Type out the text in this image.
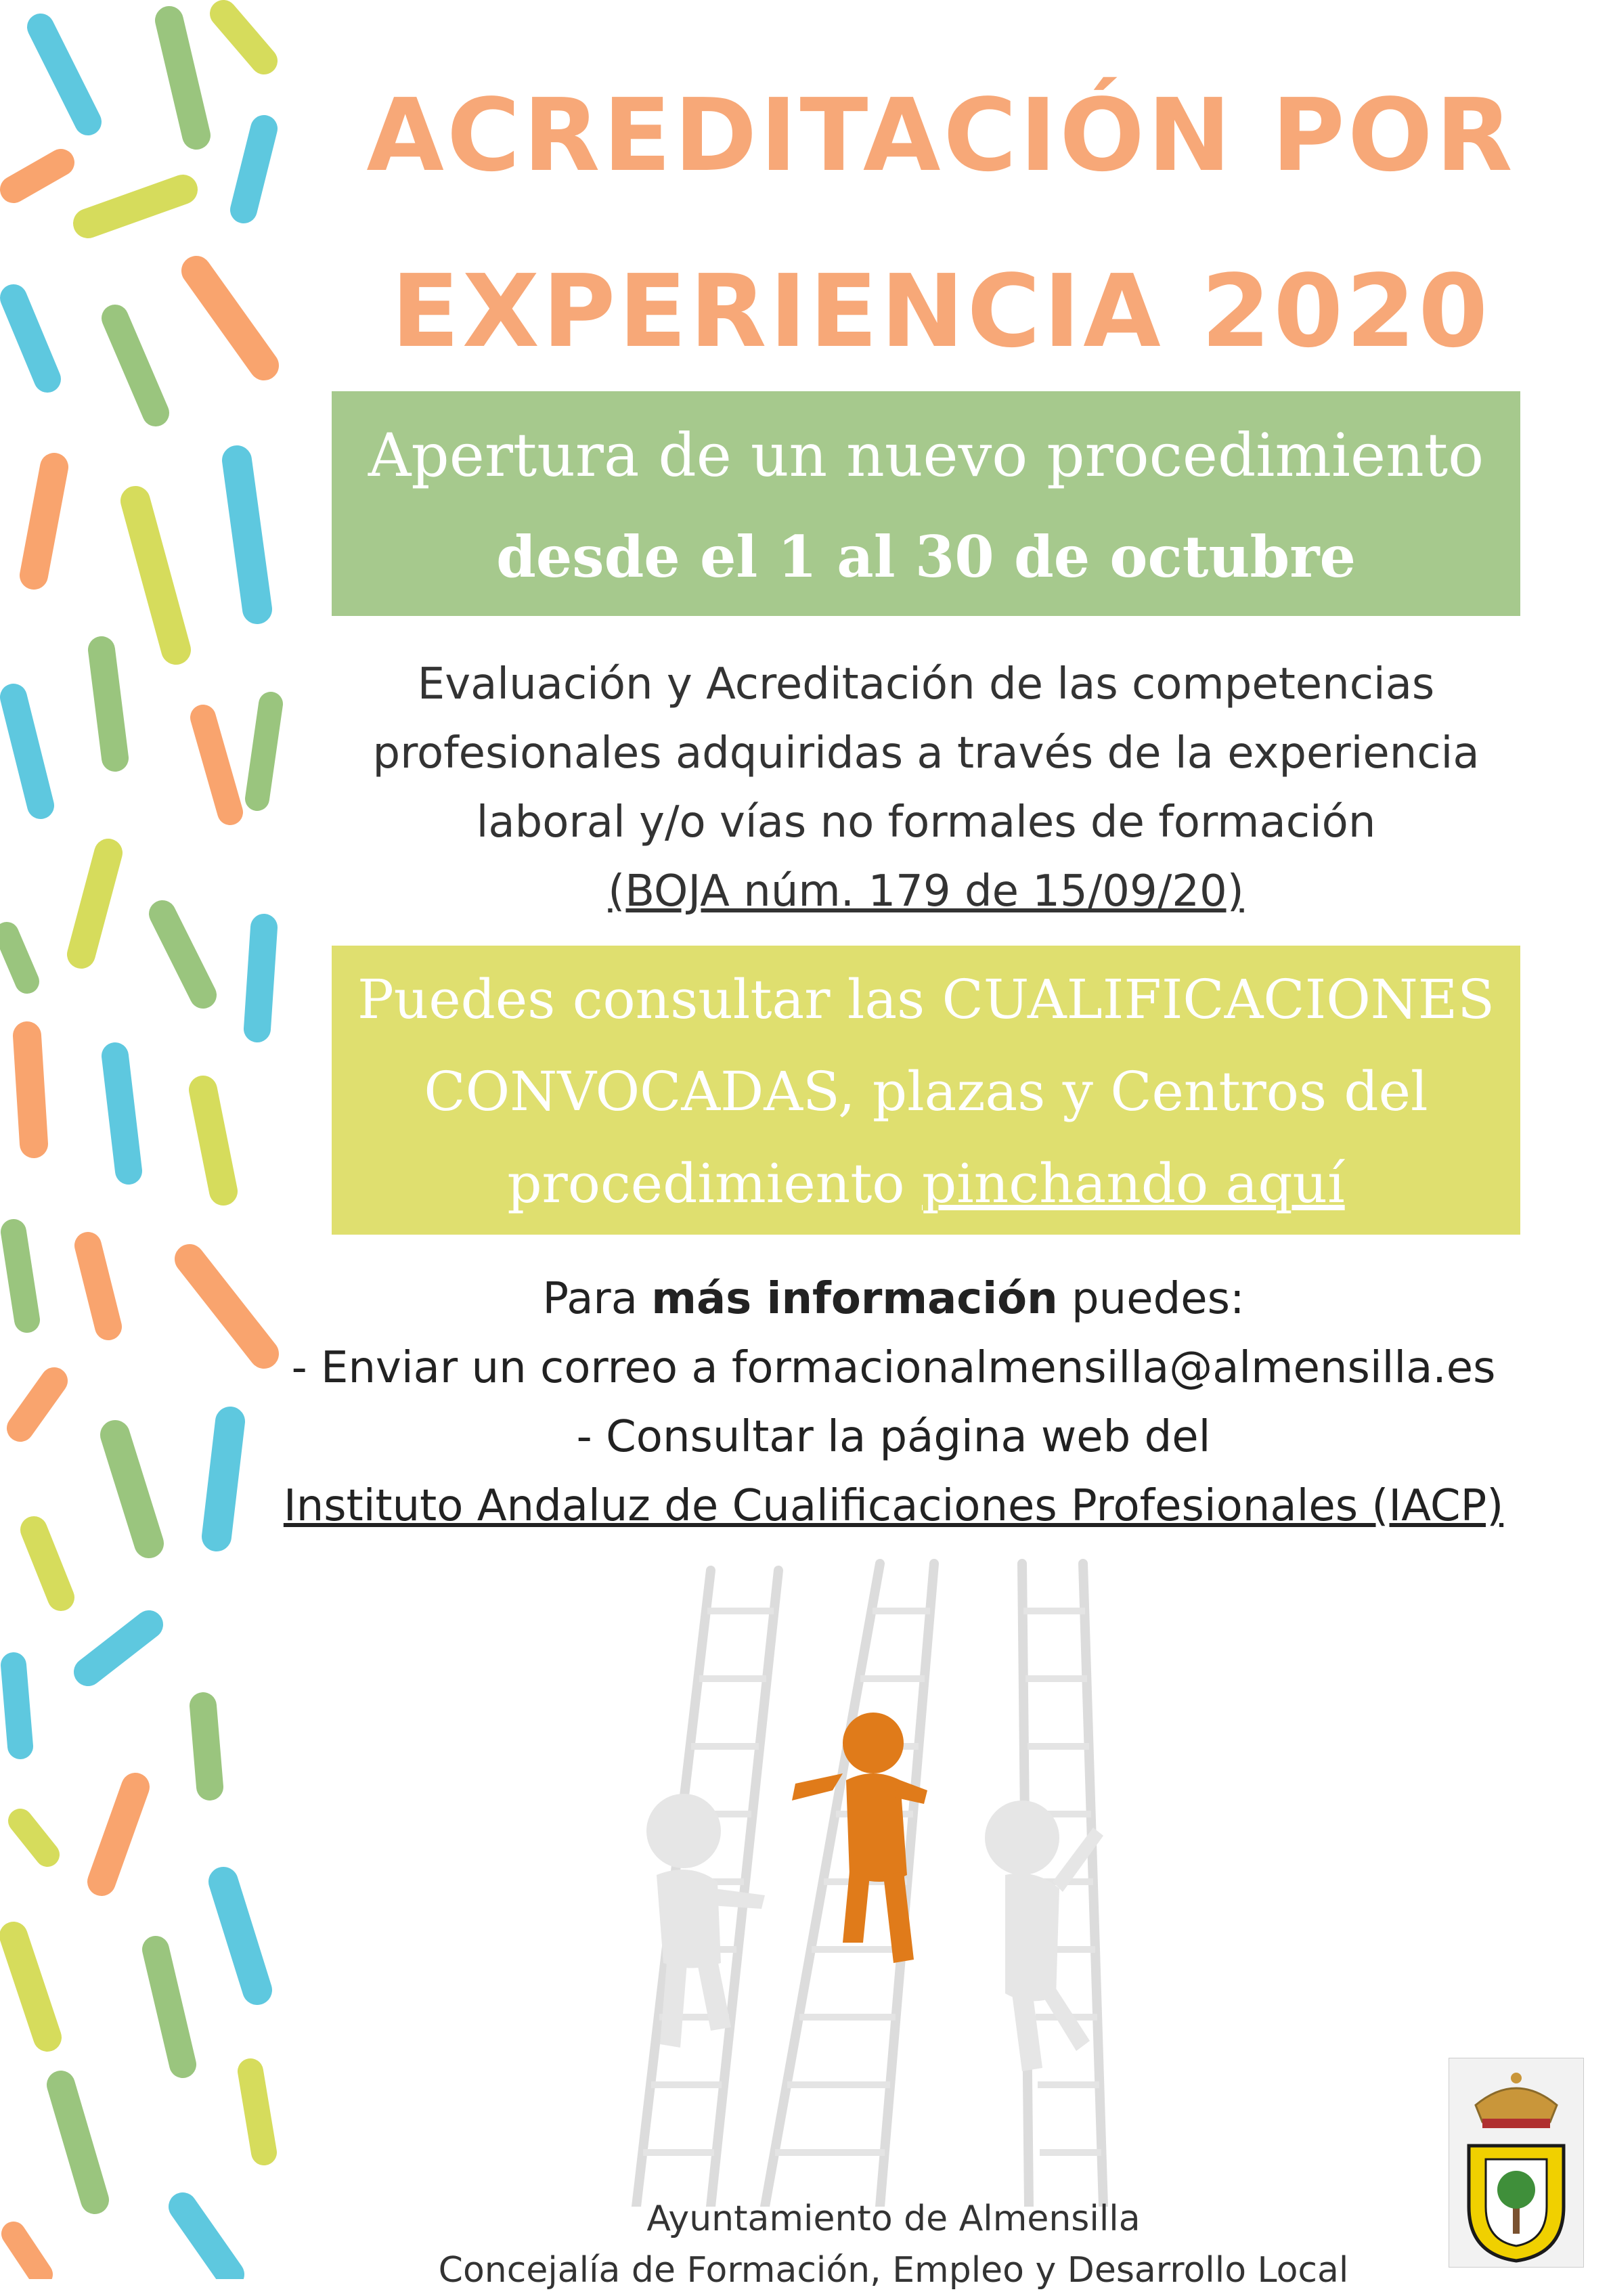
ACREDITACIÓN POR
EXPERIENCIA 2020
Apertura de un nuevo procedimiento
desde el 1 al 30 de octubre
Evaluación y Acreditación de las competencias
profesionales adquiridas a través de la experiencia
laboral y/o vías no formales de formación
(BOJA núm. 179 de 15/09/20)
Puedes consultar las CUALIFICACIONES
CONVOCADAS, plazas y Centros del
procedimiento pinchando aquí
Para más información puedes:
- Enviar un correo a formacionalmensilla@almensilla.es
- Consultar la página web del
Instituto Andaluz de Cualificaciones Profesionales (IACP)
Ayuntamiento de Almensilla
Concejalía de Formación, Empleo y Desarrollo Local
